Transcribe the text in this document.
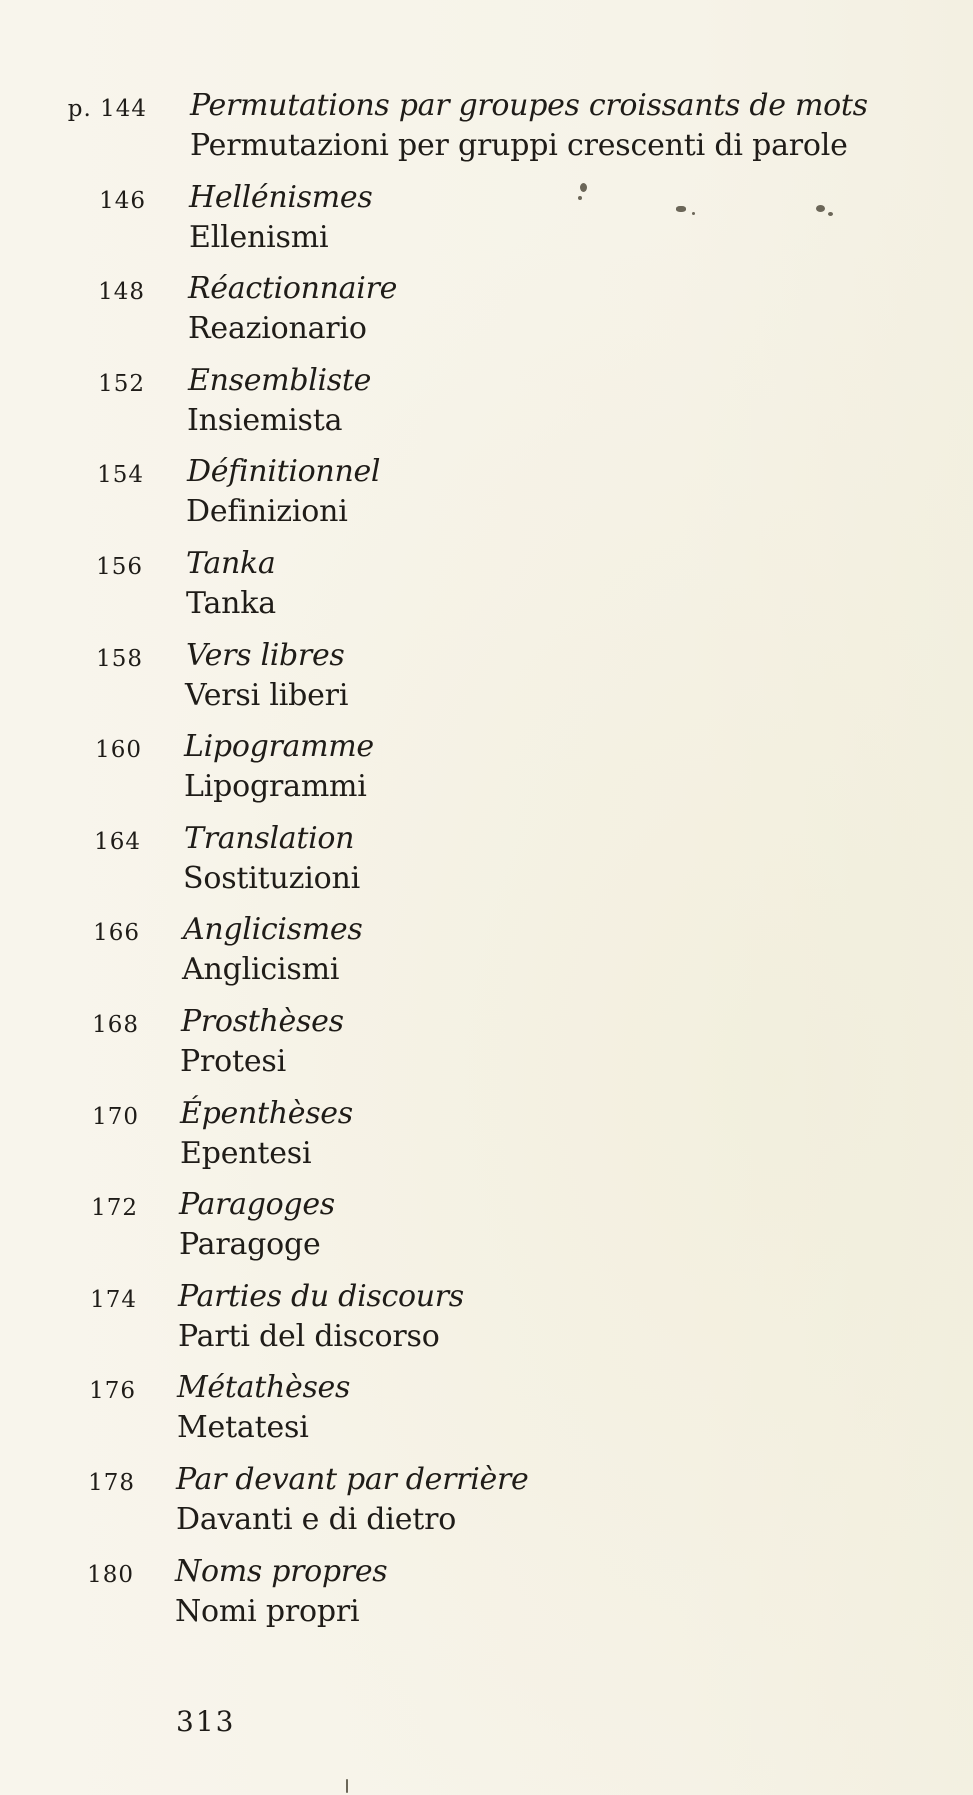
p. 144 Permutations par groupes croissants de mots
Permutazioni per gruppi crescenti di parole
146 Hellénismes
Ellenismi
148 Réactionnaire
Reazionario
152 Ensembliste
Insiemista
154 Définitionnel
Definizioni
156 Tanka
Tanka
158 Vers libres
Versi liberi
160 Lipogramme
Lipogrammi
164 Translation
Sostituzioni
166 Anglicismes
Anglicismi
168 Prosthèses
Protesi
170 Épenthèses
Epentesi
172 Paragoges
Paragoge
174 Parties du discours
Parti del discorso
176 Métathèses
Metatesi
178 Par devant par derrière
Davanti e di dietro
180 Noms propres
Nomi propri
313
